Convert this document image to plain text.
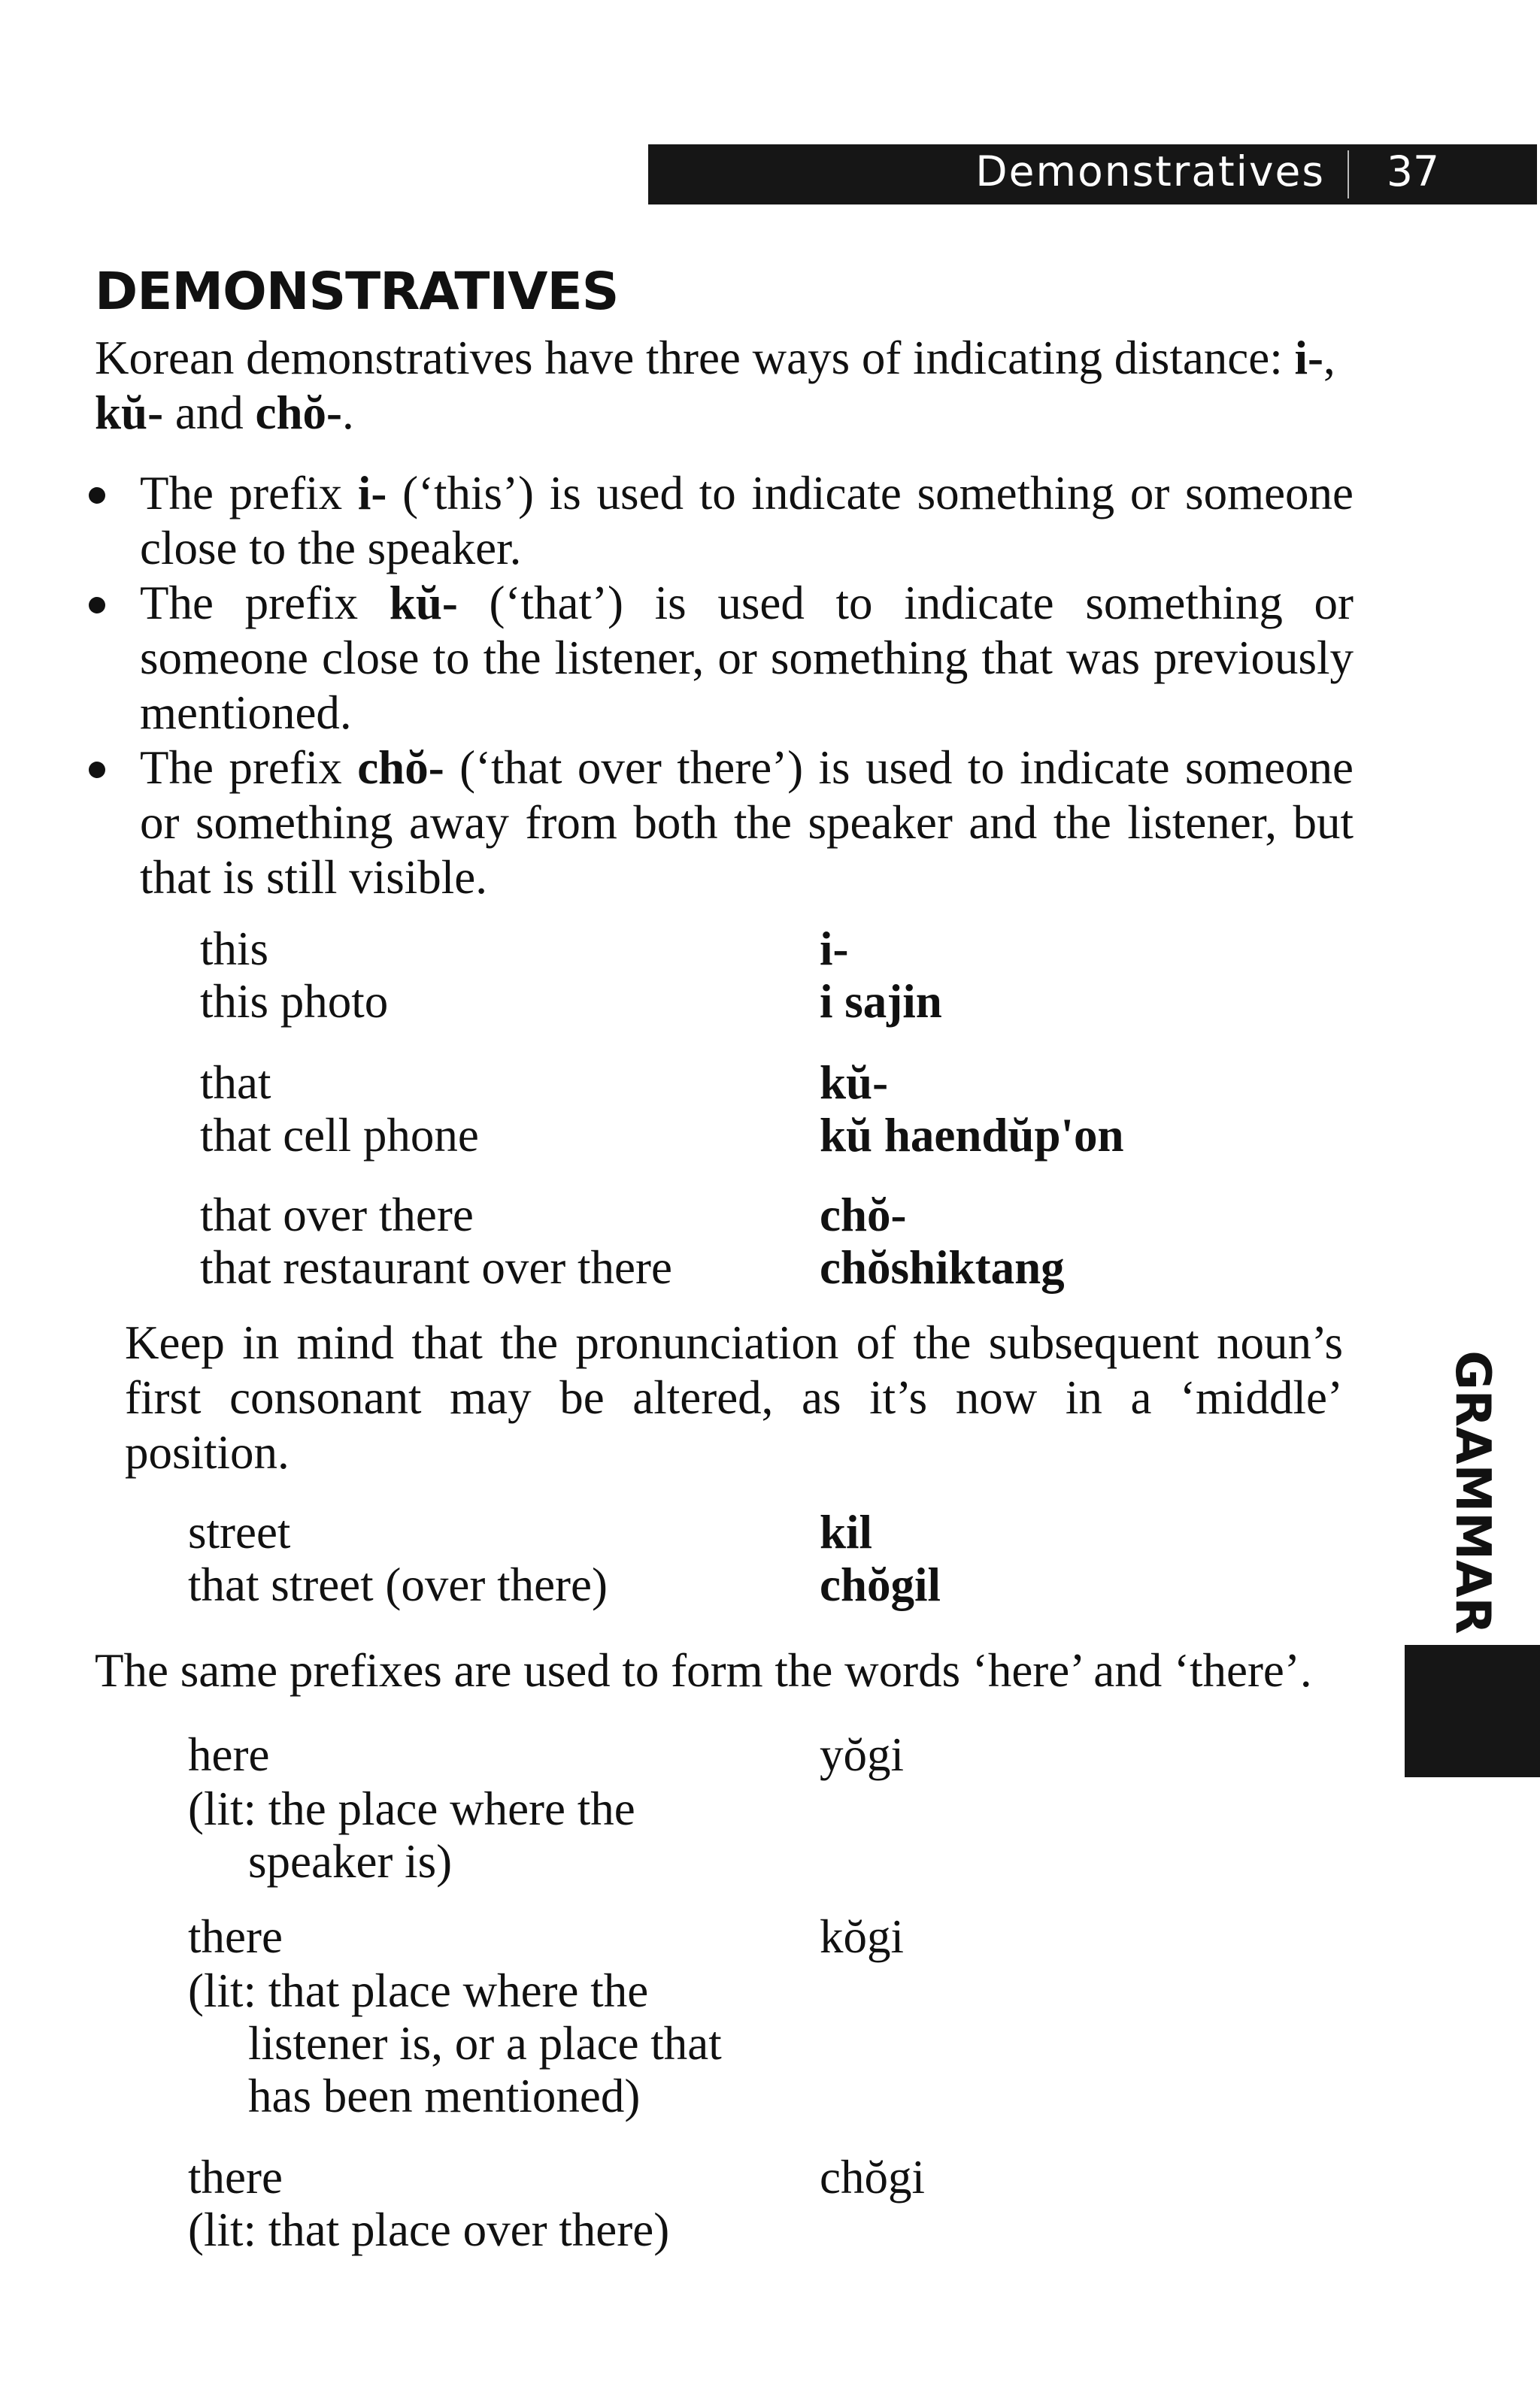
Demonstratives 37
DEMONSTRATIVES

Korean demonstratives have three ways of indicating distance: i-, kŭ- and chŏ-.

The prefix i- (‘this’) is used to indicate something or someone close to the speaker.
The prefix kŭ- (‘that’) is used to indicate something or someone close to the listener, or something that was previously mentioned.
The prefix chŏ- (‘that over there’) is used to indicate someone or something away from both the speaker and the listener, but that is still visible.

this	i-

this photo	i sajin

that	kŭ-

that cell phone	kŭ haendŭp'on

that over there	chŏ-

that restaurant over there	chŏshiktang

Keep in mind that the pronunciation of the subsequent noun’s first consonant may be altered, as it’s now in a ‘middle’ position.

street	kil

that street (over there)	chŏgil

The same prefixes are used to form the words ‘here’ and ‘there’.

here	yŏgi

(lit: the place where the

speaker is)

there	kŏgi

(lit: that place where the

listener is, or a place that

has been mentioned)

there	chŏgi

(lit: that place over there)

GRAMMAR
